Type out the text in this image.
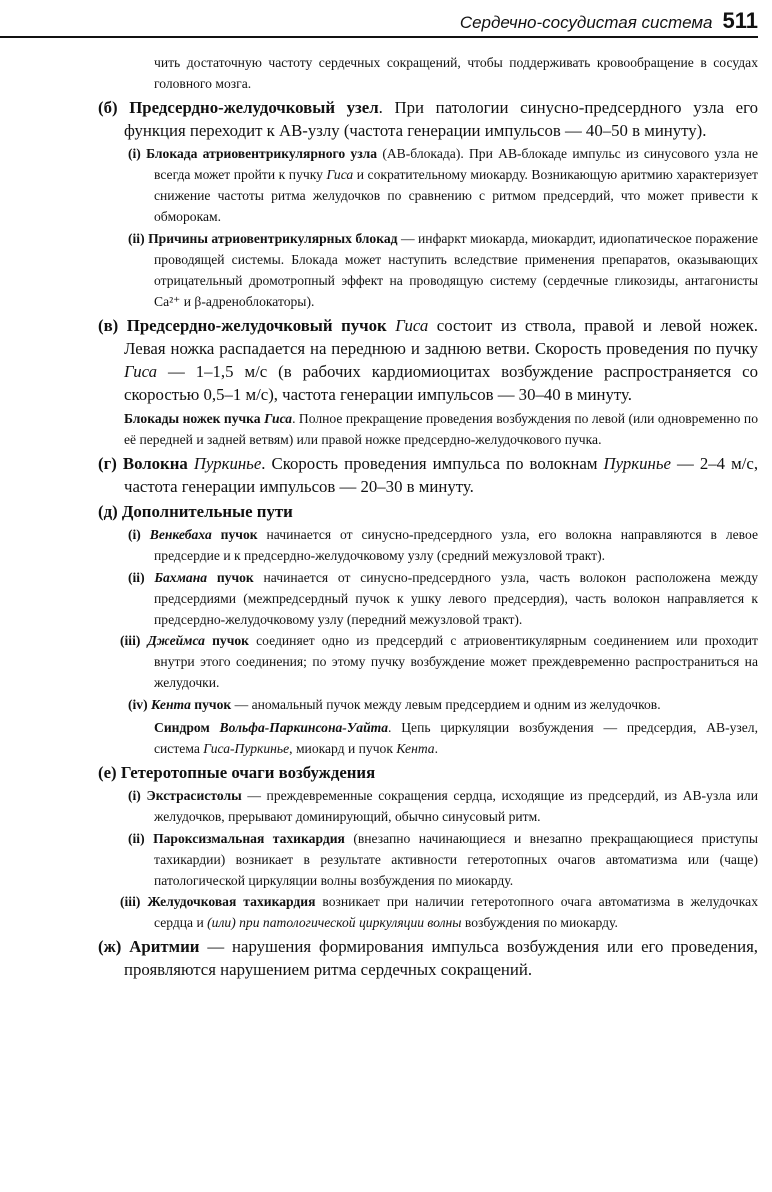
Сердечно-сосудистая система 511

чить достаточную частоту сердечных сокращений, чтобы поддерживать кровообращение в сосудах головного мозга.

(б) Предсердно-желудочковый узел. При патологии синусно-предсердного узла его функция переходит к АВ-узлу (частота генерации импульсов — 40–50 в минуту).

(i) Блокада атриовентрикулярного узла (АВ-блокада). При АВ-блокаде импульс из синусового узла не всегда может пройти к пучку Гиса и сократительному миокарду. Возникающую аритмию характеризует снижение частоты ритма желудочков по сравнению с ритмом предсердий, что может привести к обморокам.

(ii) Причины атриовентрикулярных блокад — инфаркт миокарда, миокардит, идиопатическое поражение проводящей системы. Блокада может наступить вследствие применения препаратов, оказывающих отрицательный дромотропный эффект на проводящую систему (сердечные гликозиды, антагонисты Ca²⁺ и β-адреноблокаторы).

(в) Предсердно-желудочковый пучок Гиса состоит из ствола, правой и левой ножек. Левая ножка распадается на переднюю и заднюю ветви. Скорость проведения по пучку Гиса — 1–1,5 м/с (в рабочих кардиомиоцитах возбуждение распространяется со скоростью 0,5–1 м/с), частота генерации импульсов — 30–40 в минуту.

Блокады ножек пучка Гиса. Полное прекращение проведения возбуждения по левой (или одновременно по её передней и задней ветвям) или правой ножке предсердно-желудочкового пучка.

(г) Волокна Пуркинье. Скорость проведения импульса по волокнам Пуркинье — 2–4 м/с, частота генерации импульсов — 20–30 в минуту.

(д) Дополнительные пути

(i) Венкебаха пучок начинается от синусно-предсердного узла, его волокна направляются в левое предсердие и к предсердно-желудочковому узлу (средний межузловой тракт).

(ii) Бахмана пучок начинается от синусно-предсердного узла, часть волокон расположена между предсердиями (межпредсердный пучок к ушку левого предсердия), часть волокон направляется к предсердно-желудочковому узлу (передний межузловой тракт).

(iii) Джеймса пучок соединяет одно из предсердий с атриовентикулярным соединением или проходит внутри этого соединения; по этому пучку возбуждение может преждевременно распространиться на желудочки.

(iv) Кента пучок — аномальный пучок между левым предсердием и одним из желудочков.

Синдром Вольфа-Паркинсона-Уайта. Цепь циркуляции возбуждения — предсердия, АВ-узел, система Гиса-Пуркинье, миокард и пучок Кента.

(е) Гетеротопные очаги возбуждения

(i) Экстрасистолы — преждевременные сокращения сердца, исходящие из предсердий, из АВ-узла или желудочков, прерывают доминирующий, обычно синусовый ритм.

(ii) Пароксизмальная тахикардия (внезапно начинающиеся и внезапно прекращающиеся приступы тахикардии) возникает в результате активности гетеротопных очагов автоматизма или (чаще) патологической циркуляции волны возбуждения по миокарду.

(iii) Желудочковая тахикардия возникает при наличии гетеротопного очага автоматизма в желудочках сердца и (или) при патологической циркуляции волны возбуждения по миокарду.

(ж) Аритмии — нарушения формирования импульса возбуждения или его проведения, проявляются нарушением ритма сердечных сокращений.
